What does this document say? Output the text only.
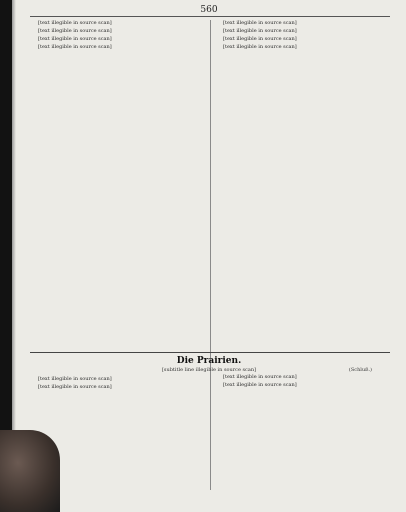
560

[text illegible in source scan]

[text illegible in source scan]

[text illegible in source scan]

[text illegible in source scan]

[text illegible in source scan]

[text illegible in source scan]

[text illegible in source scan]

[text illegible in source scan]

Die Prairien.
[subtitle line illegible in source scan]	(Schluß.)

[text illegible in source scan]

[text illegible in source scan]

[text illegible in source scan]

[text illegible in source scan]
